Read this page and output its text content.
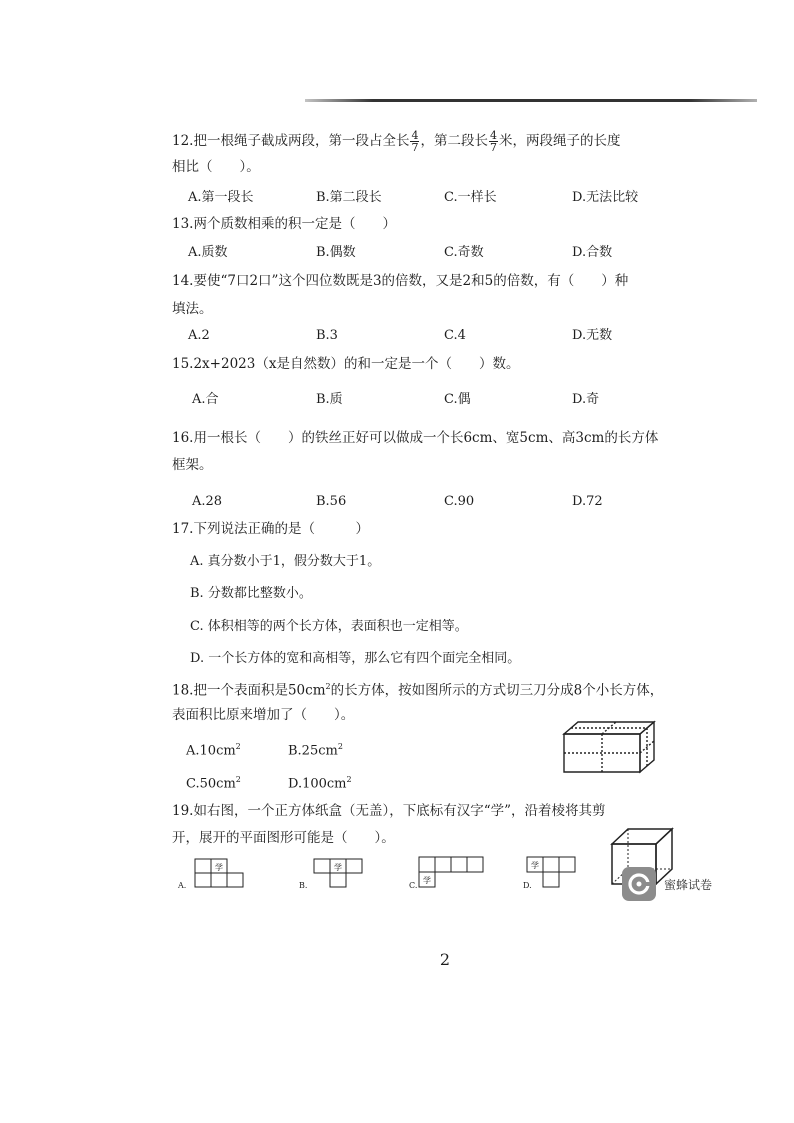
12.把一根绳子截成两段，第一段占全长 $\frac{4}{7}$ ，第二段长 $\frac{4}{7}$ 米，两段绳子的长度
相比（　　）。
A.第一段长	B.第二段长	C.一样长	D.无法比较
13.两个质数相乘的积一定是（　　）
A.质数	B.偶数	C.奇数	D.合数
14.要使“7口2口”这个四位数既是3的倍数，又是2和5的倍数，有（　　）种
填法。
A.2	B.3	C.4	D.无数
15.2x+2023（x是自然数）的和一定是一个（　　）数。
A.合	B.质	C.偶	D.奇
16.用一根长（　　）的铁丝正好可以做成一个长6cm、宽5cm、高3cm的长方体
框架。
A.28	B.56	C.90	D.72
17.下列说法正确的是（　　　）
A. 真分数小于1，假分数大于1。
B. 分数都比整数小。
C. 体积相等的两个长方体，表面积也一定相等。
D. 一个长方体的宽和高相等，那么它有四个面完全相同。
18.把一个表面积是$50cm^2$的长方体，按如图所示的方式切三刀分成8个小长方体，
表面积比原来增加了（　　）。
$A.10cm^2$	$B.25cm^2$
$C.50cm^2$	$D.100cm^2$
19.如右图，一个正方体纸盒（无盖），下底标有汉字“学”，沿着棱将其剪
开，展开的平面图形可能是（　　）。
A.
学
B.
学
C.
学
D.
学
蜜蜂试卷
2
